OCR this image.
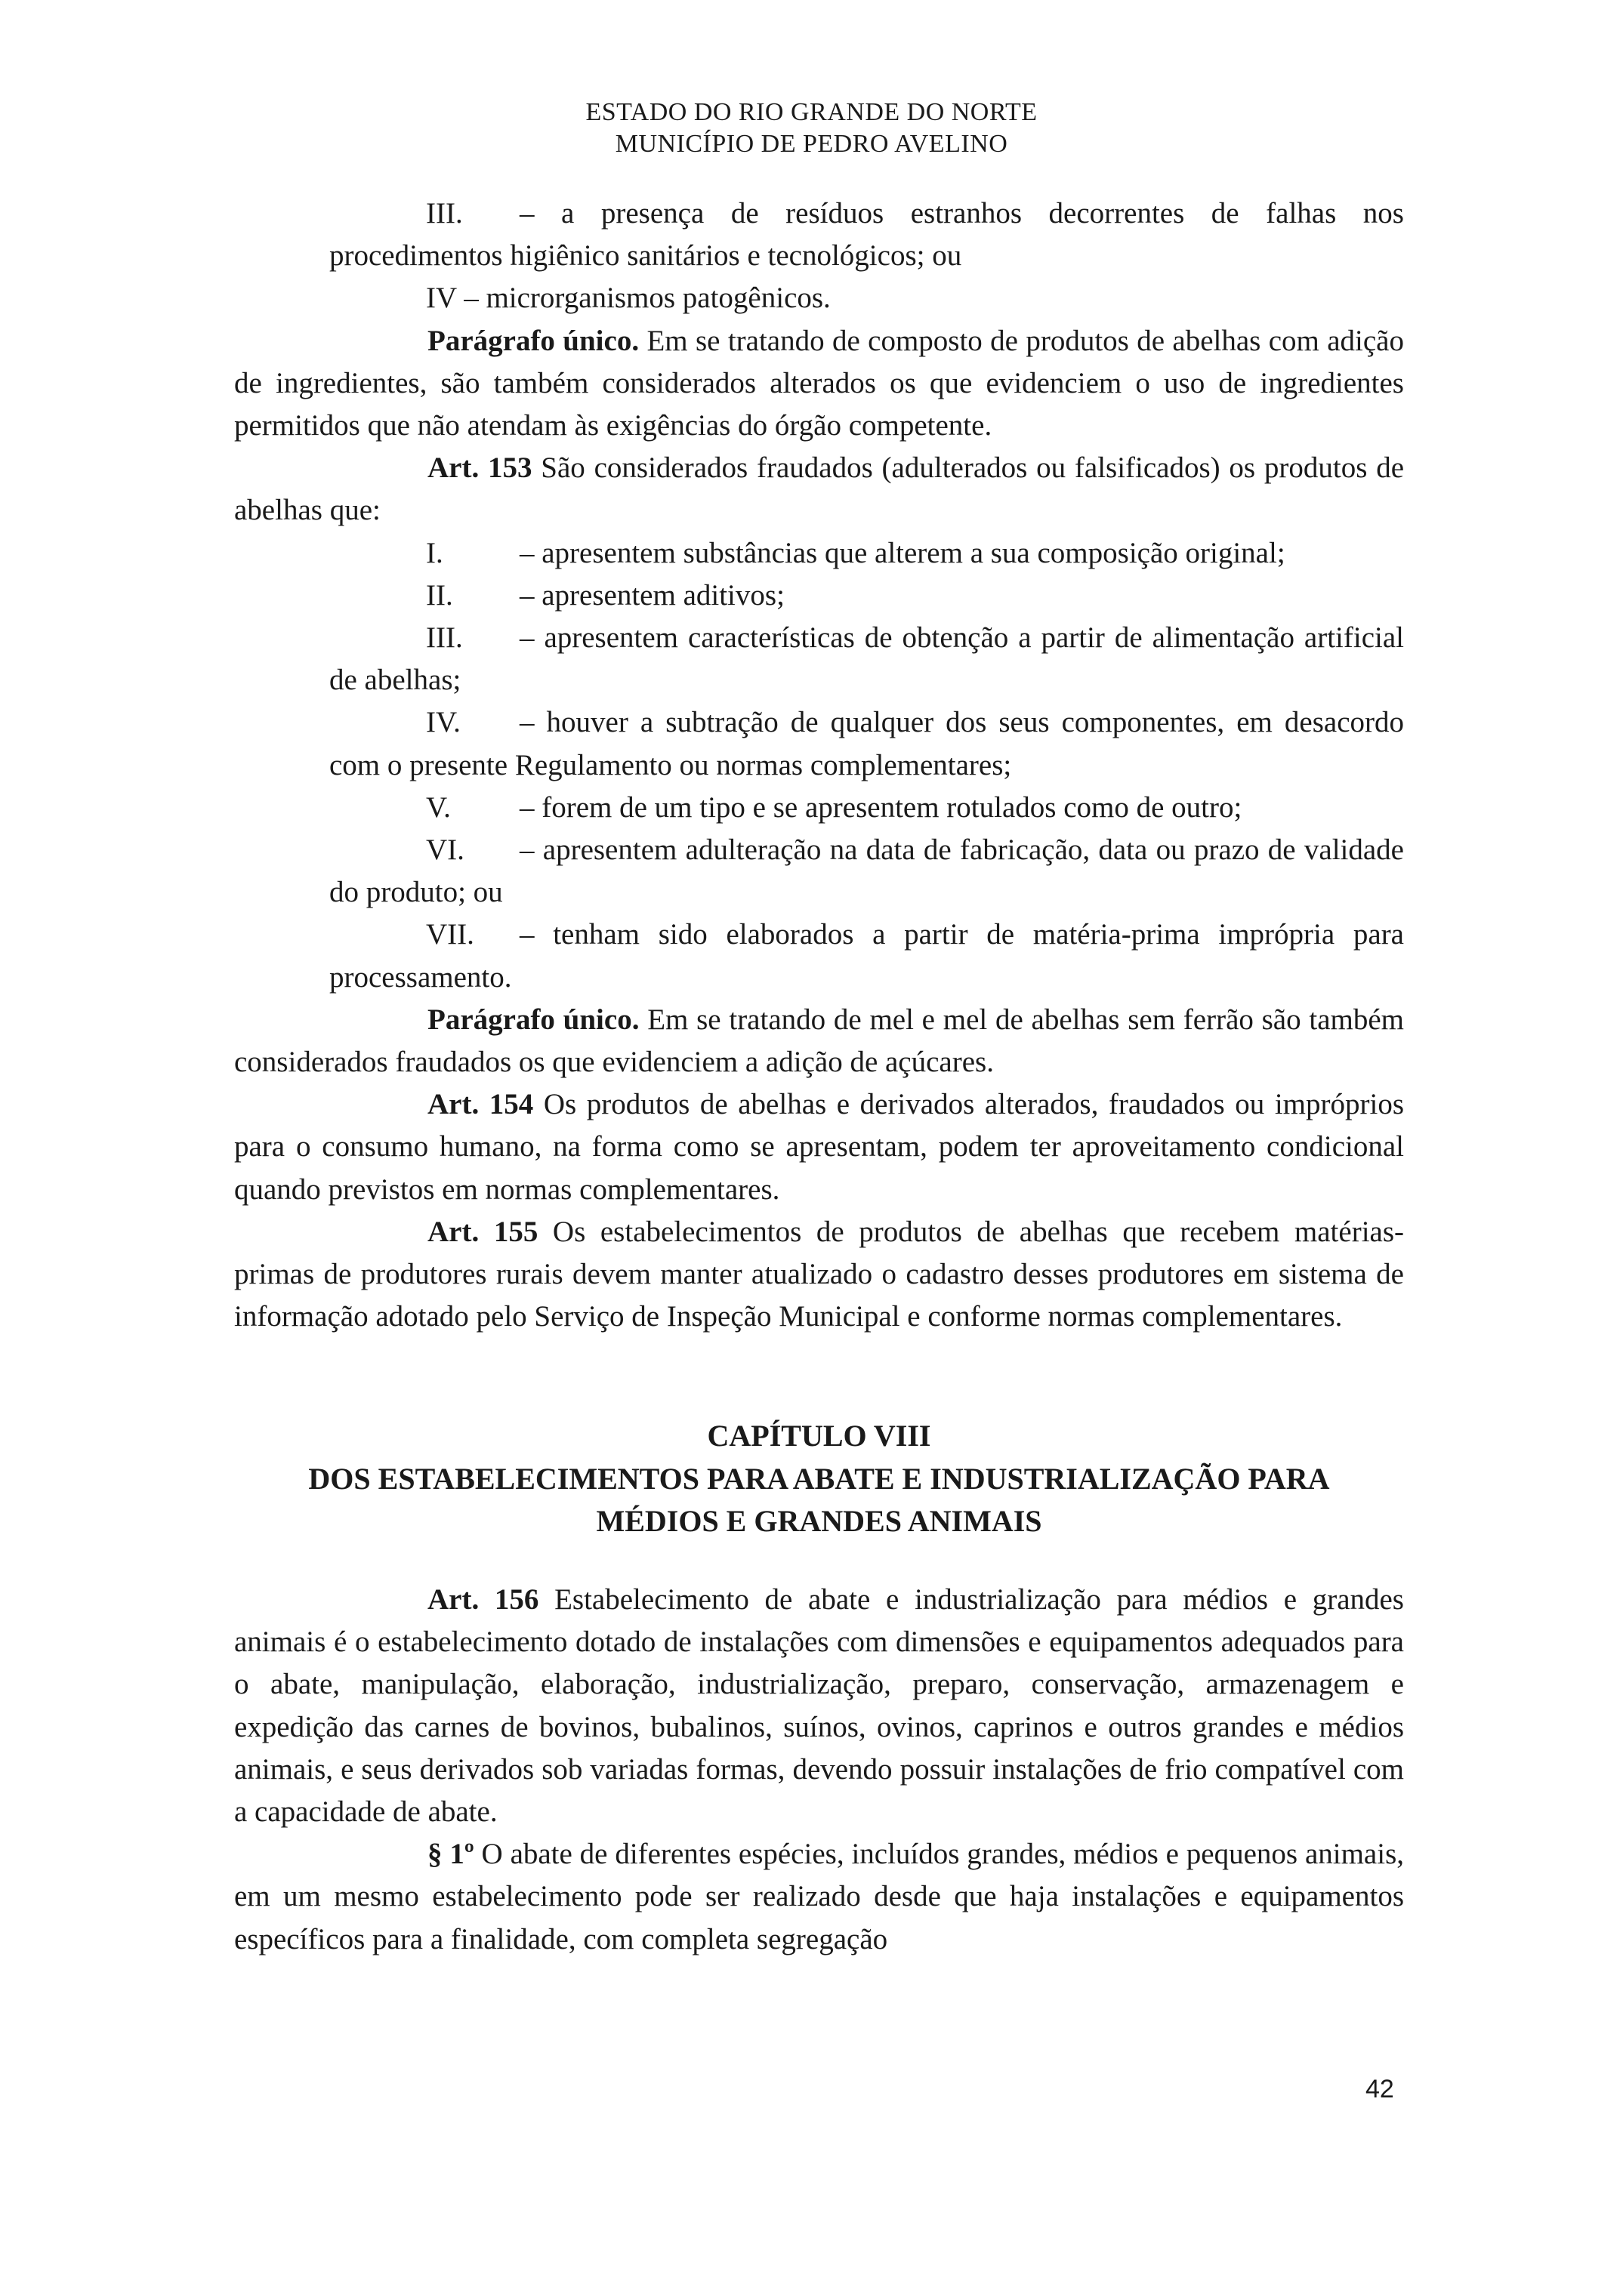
ESTADO DO RIO GRANDE DO NORTE
MUNICÍPIO DE PEDRO AVELINO

III. – a presença de resíduos estranhos decorrentes de falhas nos procedimentos higiênico sanitários e tecnológicos; ou

IV – microrganismos patogênicos.

Parágrafo único. Em se tratando de composto de produtos de abelhas com adição de ingredientes, são também considerados alterados os que evidenciem o uso de ingredientes permitidos que não atendam às exigências do órgão competente.

Art. 153 São considerados fraudados (adulterados ou falsificados) os produtos de abelhas que:

I.	– apresentem substâncias que alterem a sua composição original;

II. – apresentem aditivos;

III. – apresentem características de obtenção a partir de alimentação artificial de abelhas;

IV. – houver a subtração de qualquer dos seus componentes, em desacordo com o presente Regulamento ou normas complementares;

V. – forem de um tipo e se apresentem rotulados como de outro;

VI. – apresentem adulteração na data de fabricação, data ou prazo de validade do produto; ou

VII. – tenham sido elaborados a partir de matéria-prima imprópria para processamento.

Parágrafo único. Em se tratando de mel e mel de abelhas sem ferrão são também considerados fraudados os que evidenciem a adição de açúcares.

Art. 154 Os produtos de abelhas e derivados alterados, fraudados ou impróprios para o consumo humano, na forma como se apresentam, podem ter aproveitamento condicional quando previstos em normas complementares.

Art. 155 Os estabelecimentos de produtos de abelhas que recebem matérias-primas de produtores rurais devem manter atualizado o cadastro desses produtores em sistema de informação adotado pelo Serviço de Inspeção Municipal e conforme normas complementares.

CAPÍTULO VIII
DOS ESTABELECIMENTOS PARA ABATE E INDUSTRIALIZAÇÃO PARA
MÉDIOS E GRANDES ANIMAIS

Art. 156 Estabelecimento de abate e industrialização para médios e grandes animais é o estabelecimento dotado de instalações com dimensões e equipamentos adequados para o abate, manipulação, elaboração, industrialização, preparo, conservação, armazenagem e expedição das carnes de bovinos, bubalinos, suínos, ovinos, caprinos e outros grandes e médios animais, e seus derivados sob variadas formas, devendo possuir instalações de frio compatível com a capacidade de abate.

§ 1º O abate de diferentes espécies, incluídos grandes, médios e pequenos animais, em um mesmo estabelecimento pode ser realizado desde que haja instalações e equipamentos específicos para a finalidade, com completa segregação

42
